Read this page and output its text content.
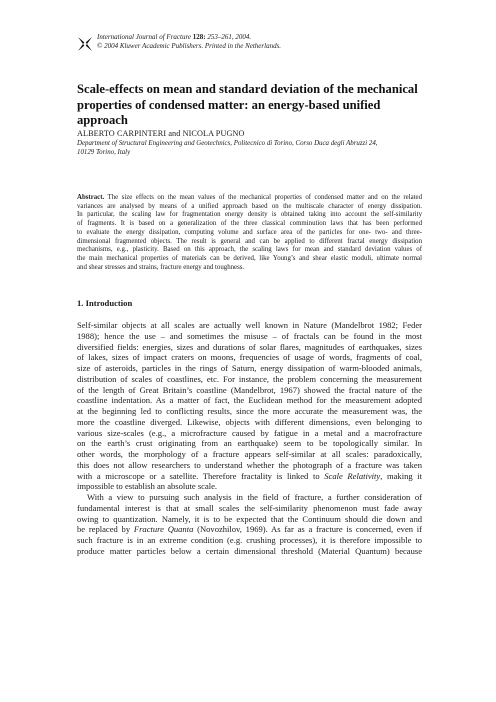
International Journal of Fracture 128: 253–261, 2004.
© 2004 Kluwer Academic Publishers. Printed in the Netherlands.
Scale-effects on mean and standard deviation of the mechanical
properties of condensed matter: an energy-based unified approach
ALBERTO CARPINTERI and NICOLA PUGNO
Department of Structural Engineering and Geotechnics, Politecnico di Torino, Corso Duca degli Abruzzi 24,
10129 Torino, Italy
Abstract. The size effects on the mean values of the mechanical properties of condensed matter and on the related
variances are analysed by means of a unified approach based on the multiscale character of energy dissipation.
In particular, the scaling law for fragmentation energy density is obtained taking into account the self-similarity
of fragments. It is based on a generalization of the three classical comminution laws that has been performed
to evaluate the energy dissipation, computing volume and surface area of the particles for one- two- and three-
dimensional fragmented objects. The result is general and can be applied to different fractal energy dissipation
mechanisms, e.g., plasticity. Based on this approach, the scaling laws for mean and standard deviation values of
the main mechanical properties of materials can be derived, like Young’s and shear elastic moduli, ultimate normal
and shear stresses and strains, fracture energy and toughness.
1. Introduction
Self-similar objects at all scales are actually well known in Nature (Mandelbrot 1982; Feder
1988); hence the use – and sometimes the misuse – of fractals can be found in the most
diversified fields: energies, sizes and durations of solar flares, magnitudes of earthquakes, sizes
of lakes, sizes of impact craters on moons, frequencies of usage of words, fragments of coal,
size of asteroids, particles in the rings of Saturn, energy dissipation of warm-blooded animals,
distribution of scales of coastlines, etc. For instance, the problem concerning the measurement
of the length of Great Britain’s coastline (Mandelbrot, 1967) showed the fractal nature of the
coastline indentation. As a matter of fact, the Euclidean method for the measurement adopted
at the beginning led to conflicting results, since the more accurate the measurement was, the
more the coastline diverged. Likewise, objects with different dimensions, even belonging to
various size-scales (e.g., a microfracture caused by fatigue in a metal and a macrofracture
on the earth’s crust originating from an earthquake) seem to be topologically similar. In
other words, the morphology of a fracture appears self-similar at all scales: paradoxically,
this does not allow researchers to understand whether the photograph of a fracture was taken
with a microscope or a satellite. Therefore fractality is linked to Scale Relativity, making it
impossible to establish an absolute scale.
With a view to pursuing such analysis in the field of fracture, a further consideration of
fundamental interest is that at small scales the self-similarity phenomenon must fade away
owing to quantization. Namely, it is to be expected that the Continuum should die down and
be replaced by Fracture Quanta (Novozhilov, 1969). As far as a fracture is concerned, even if
such fracture is in an extreme condition (e.g. crushing processes), it is therefore impossible to
produce matter particles below a certain dimensional threshold (Material Quantum) because
